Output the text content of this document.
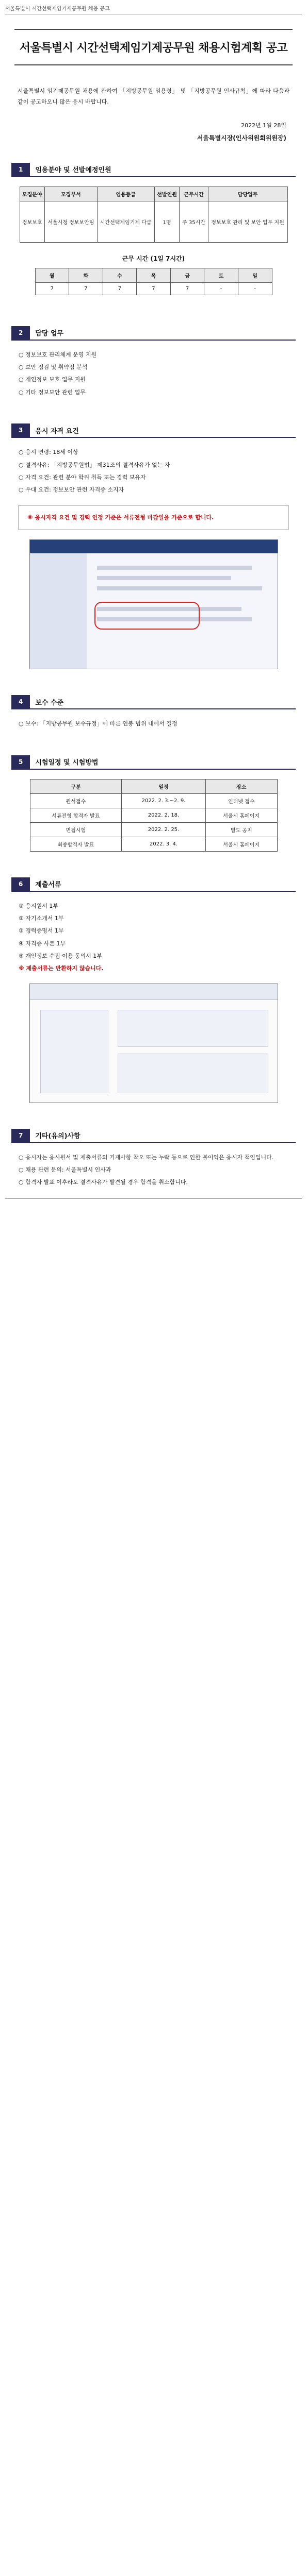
서울특별시 시간선택제임기제공무원 채용 공고
서울특별시 시간선택제임기제공무원 채용시험계획 공고
서울특별시 임기제공무원 채용에 관하여 「지방공무원 임용령」 및 「지방공무원 인사규칙」에 따라 다음과 같이 공고하오니 많은 응시 바랍니다.
2022년 1월 28일
서울특별시장(인사위원회위원장)
1	임용분야 및 선발예정인원
모집분야	모집부서	임용등급	선발인원	근무시간	담당업무
정보보호	서울시청 정보보안팀	시간선택제임기제 다급	1명	주 35시간	정보보호 관리 및 보안 업무 지원
근무 시간 (1일 7시간)
월	화	수	목	금	토	일
7	7	7	7	7	-	-
2	담당 업무

○ 정보보호 관리체계 운영 지원

○ 보안 점검 및 취약점 분석

○ 개인정보 보호 업무 지원

○ 기타 정보보안 관련 업무

3	응시 자격 요건

○ 응시 연령: 18세 이상

○ 결격사유: 「지방공무원법」 제31조의 결격사유가 없는 자

○ 자격 요건: 관련 분야 학위 취득 또는 경력 보유자

○ 우대 요건: 정보보안 관련 자격증 소지자

※ 응시자격 요건 및 경력 인정 기준은 서류전형 마감일을 기준으로 합니다.
4	보수 수준
○ 보수: 「지방공무원 보수규정」에 따른 연봉 범위 내에서 결정
5	시험일정 및 시험방법
구분	일정	장소
원서접수	2022. 2. 3.~2. 9.	인터넷 접수
서류전형 합격자 발표	2022. 2. 18.	서울시 홈페이지
면접시험	2022. 2. 25.	별도 공지
최종합격자 발표	2022. 3. 4.	서울시 홈페이지
6	제출서류

① 응시원서 1부

② 자기소개서 1부

③ 경력증명서 1부

④ 자격증 사본 1부

⑤ 개인정보 수집·이용 동의서 1부

※ 제출서류는 반환하지 않습니다.

7	기타(유의)사항

○ 응시자는 응시원서 및 제출서류의 기재사항 착오 또는 누락 등으로 인한 불이익은 응시자 책임입니다.

○ 채용 관련 문의: 서울특별시 인사과

○ 합격자 발표 이후라도 결격사유가 발견될 경우 합격을 취소합니다.
